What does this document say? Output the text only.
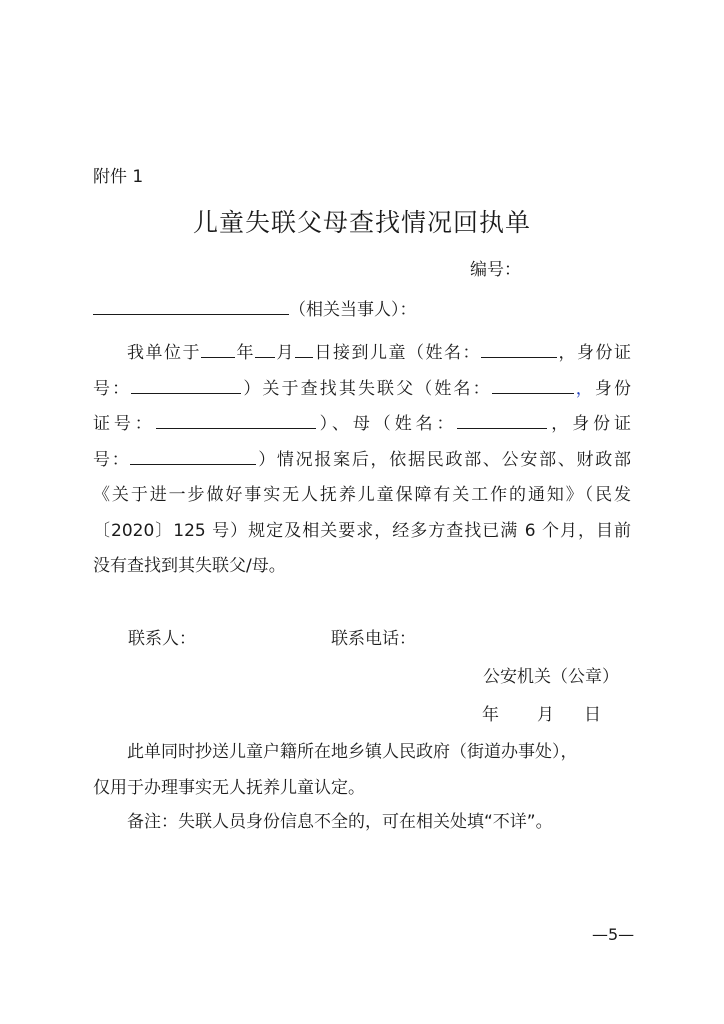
附件 1
儿童失联父母查找情况回执单
编号：
（相关当事人）：
我单位于 年 月 日接到儿童（姓名：	，身份证
号：	）关于查找其失联父（姓名：	，身份
证号：	）、母（姓名：	，身份证
号：	）情况报案后，依据民政部、公安部、财政部
《关于进一步做好事实无人抚养儿童保障有关工作的通知》（民发
〔2020〕125 号）规定及相关要求，经多方查找已满 6 个月，目前
没有查找到其失联父/母。
联系人：	联系电话：
公安机关（公章）
年 月 日
此单同时抄送儿童户籍所在地乡镇人民政府（街道办事处），
仅用于办理事实无人抚养儿童认定。
备注：失联人员身份信息不全的，可在相关处填“不详”。
—5—
